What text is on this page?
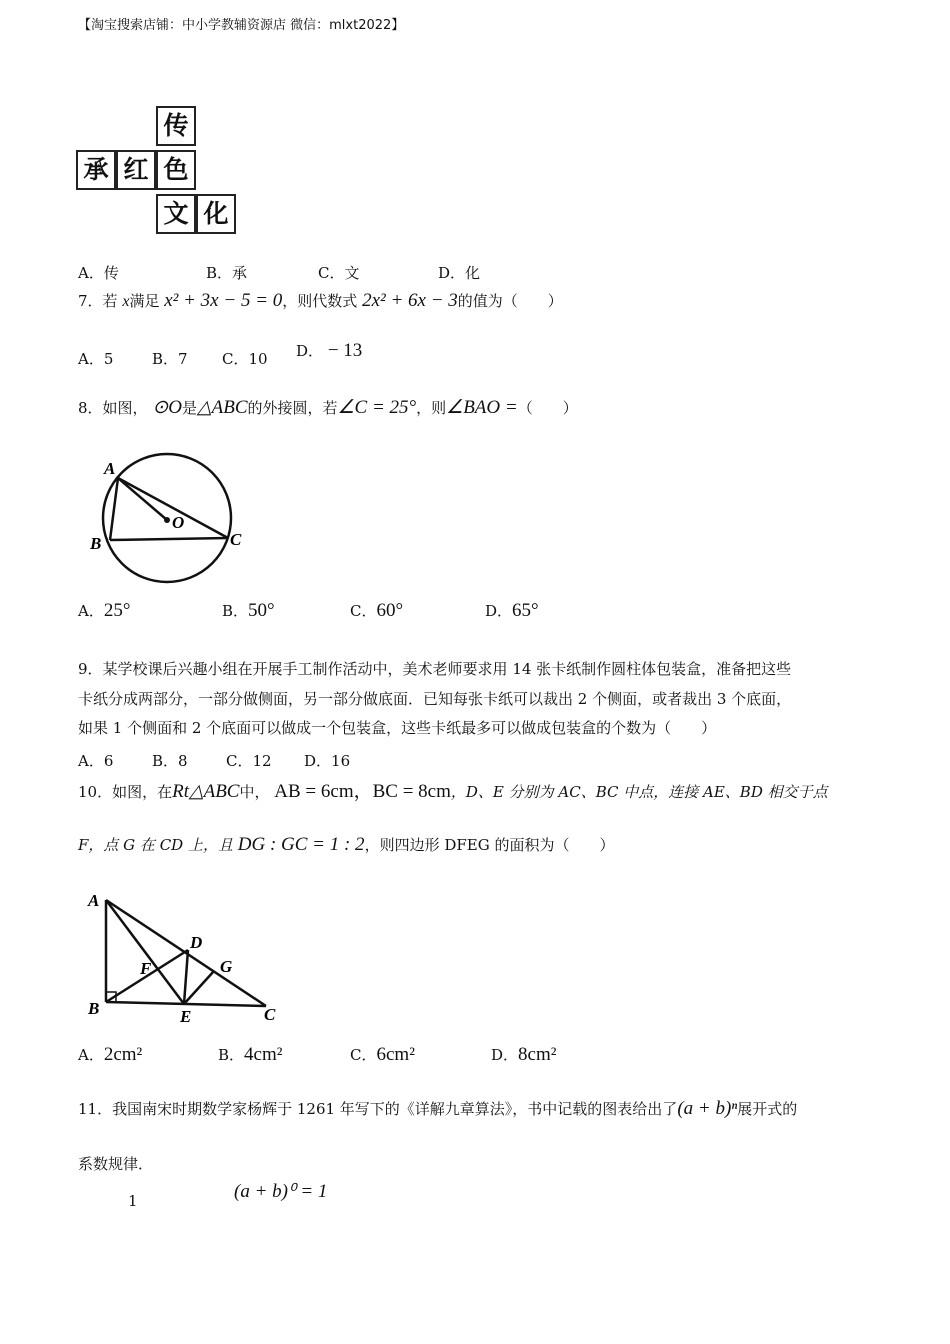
【淘宝搜索店铺：中小学教辅资源店 微信：mlxt2022】
传
承 红 色
文 化
A．传	B．承	C．文	D．化
7．若 x满足 x² + 3x − 5 = 0，则代数式 2x² + 6x − 3的值为（　　）
A．5	B．7 C．10 D． − 13
8．如图， ⊙O是△ABC的外接圆，若∠C = 25°，则∠BAO =（　　）
A
B	C
O
A．25°	B．50°	C．60°	D．65°
9．某学校课后兴趣小组在开展手工制作活动中，美术老师要求用 14 张卡纸制作圆柱体包装盒，准备把这些
卡纸分成两部分，一部分做侧面，另一部分做底面．已知每张卡纸可以裁出 2 个侧面，或者裁出 3 个底面，
如果 1 个侧面和 2 个底面可以做成一个包装盒，这些卡纸最多可以做成包装盒的个数为（　　）
A．6	B．8	C．12 D．16
10．如图，在Rt△ABC中， AB = 6cm，BC = 8cm，D、E 分别为 AC、BC 中点，连接 AE、BD 相交于点
F，点 G 在 CD 上，且 DG : GC = 1 : 2，则四边形 DFEG 的面积为（　　）
A
B	C
D
E
F	G
A．2cm²	B．4cm²	C．6cm²	D．8cm²
11．我国南宋时期数学家杨辉于 1261 年写下的《详解九章算法》，书中记载的图表给出了(a + b)ⁿ展开式的
系数规律．
1	(a + b)⁰ = 1
